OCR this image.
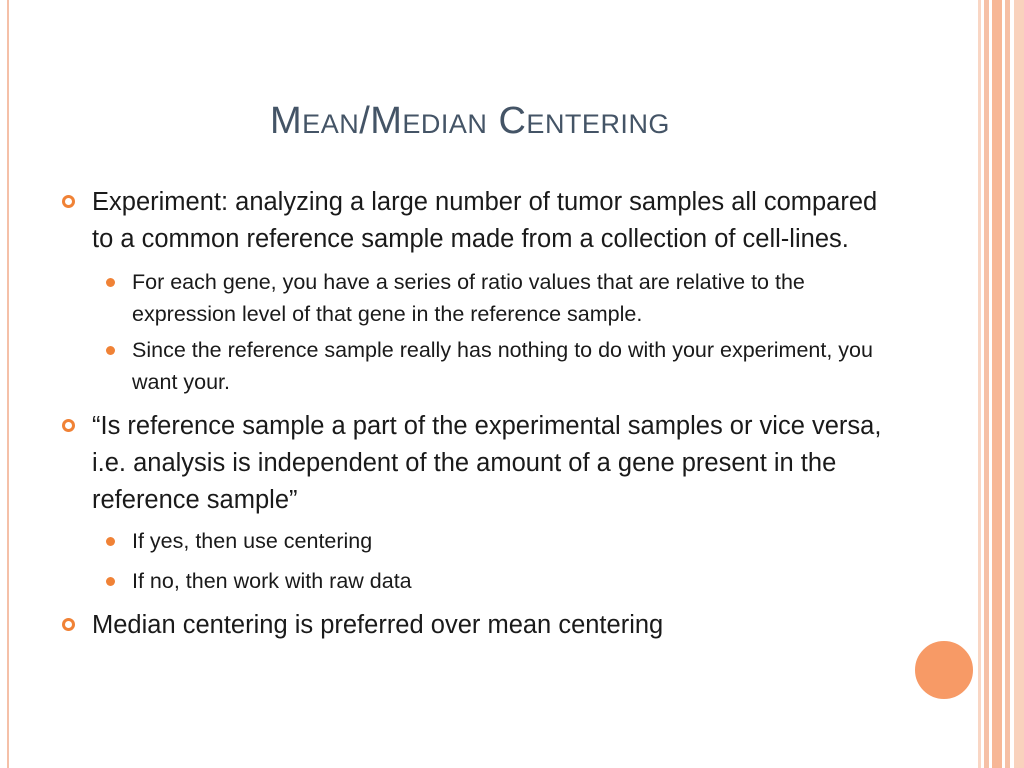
Mean/Median Centering

Experiment: analyzing a large number of tumor samples all compared to a common reference sample made from a collection of cell-lines.

For each gene, you have a series of ratio values that are relative to the expression level of that gene in the reference sample.

Since the reference sample really has nothing to do with your experiment, you want your.

“Is reference sample a part of the experimental samples or vice versa, i.e. analysis is independent of the amount of a gene present in the reference sample”

If yes, then use centering

If no, then work with raw data

Median centering is preferred over mean centering
